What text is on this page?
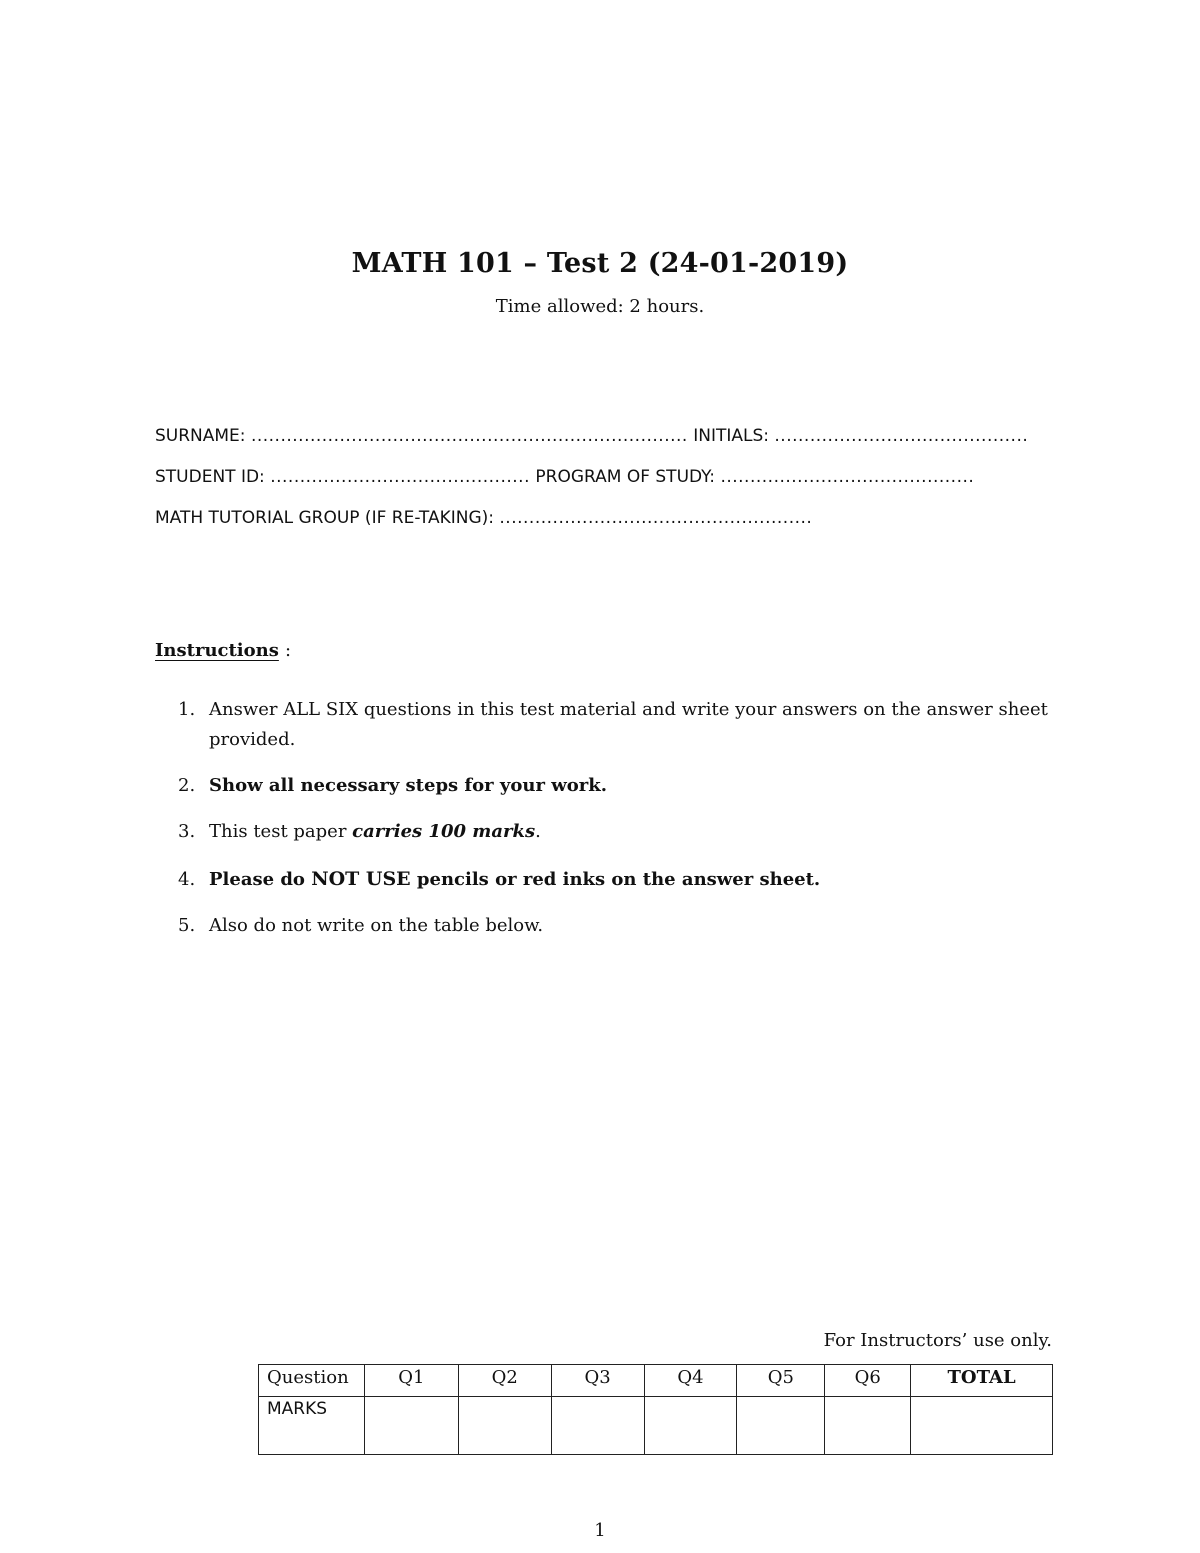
MATH 101 – Test 2 (24-01-2019)
Time allowed: 2 hours.
SURNAME: .......................................................................... INITIALS: ...........................................
STUDENT ID: ............................................ PROGRAM OF STUDY: ...........................................
MATH TUTORIAL GROUP (IF RE-TAKING): .....................................................
Instructions :
1. Answer ALL SIX questions in this test material and write your answers on the answer sheet
provided.
2. Show all necessary steps for your work.
3. This test paper carries 100 marks.
4. Please do NOT USE pencils or red inks on the answer sheet.
5. Also do not write on the table below.
For Instructors’ use only.
Question	Q1	Q2	Q3	Q4	Q5	Q6	TOTAL
MARKS							
1
